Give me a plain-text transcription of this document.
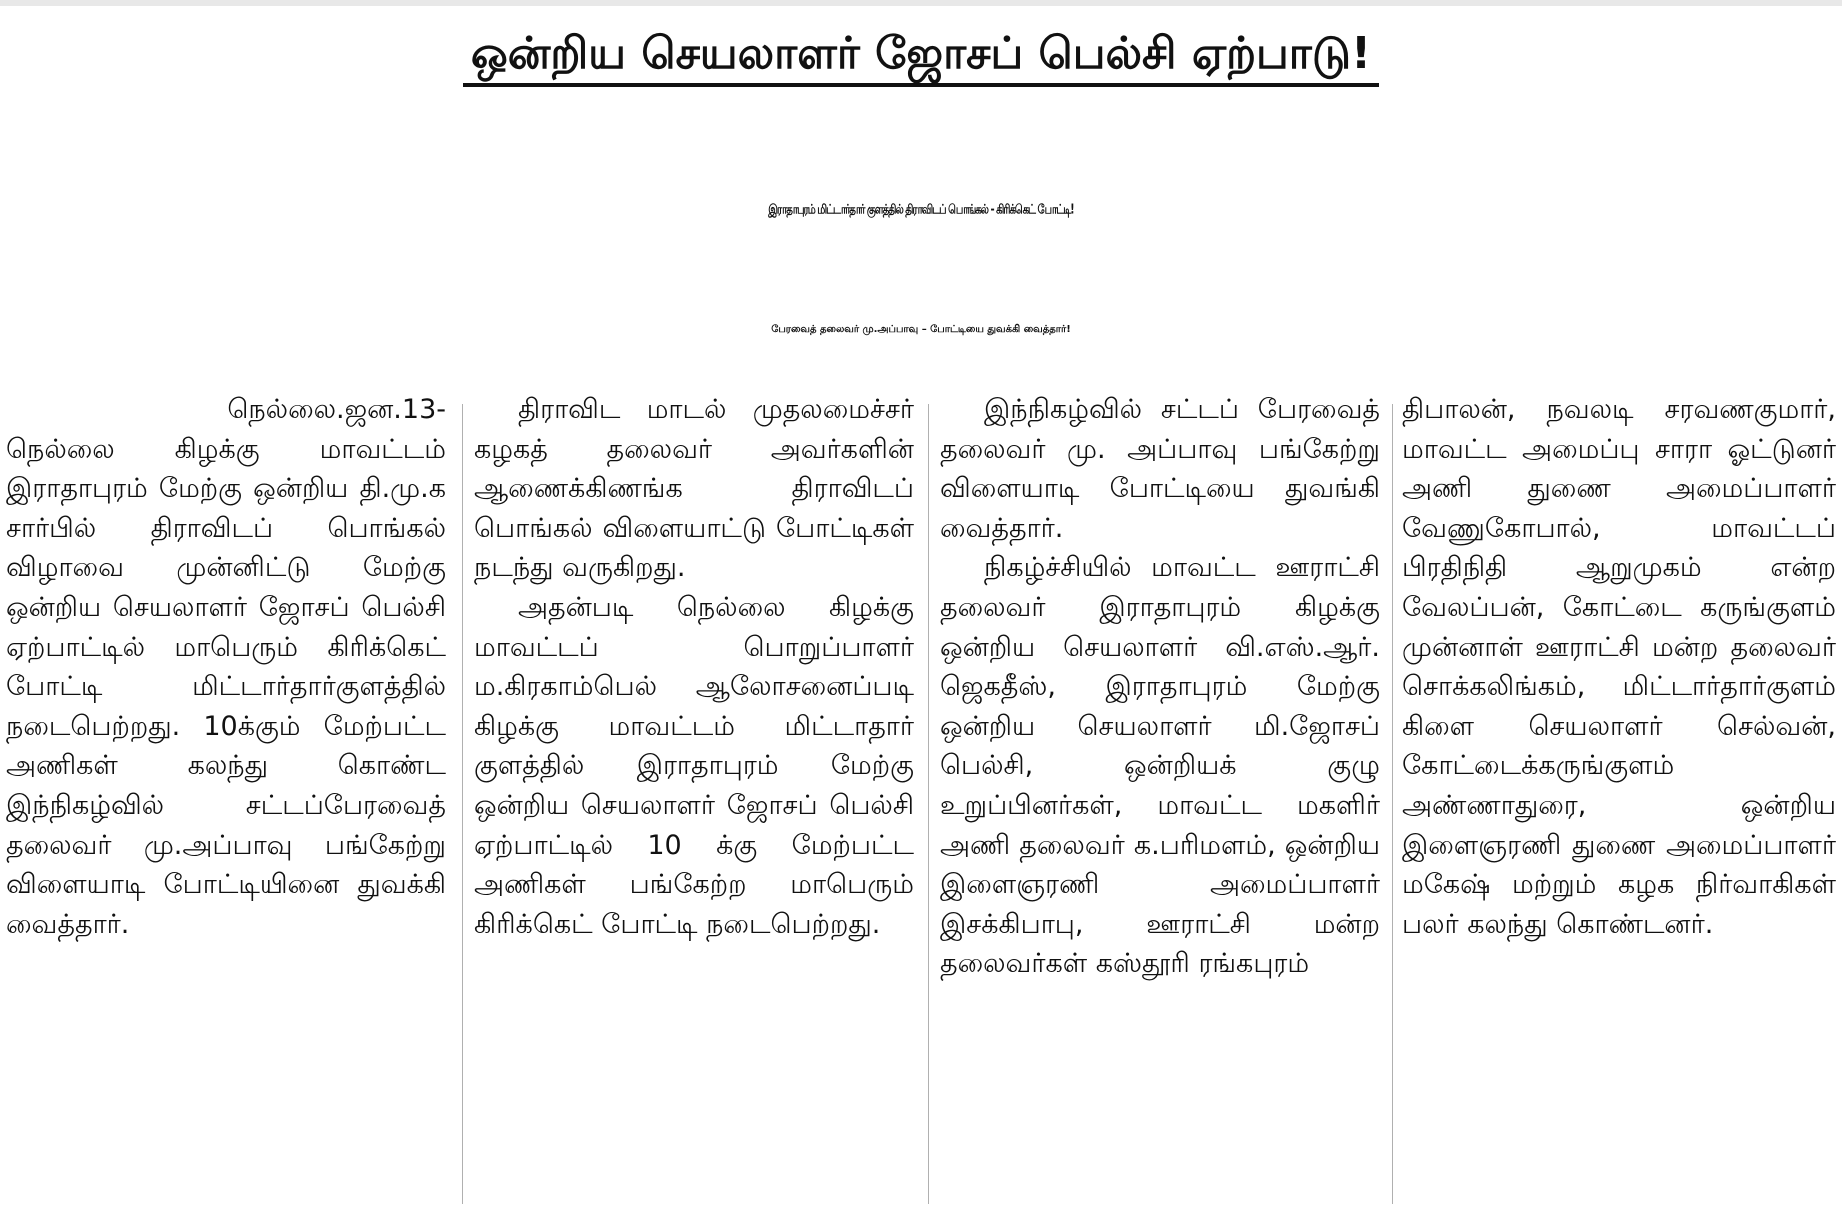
ஒன்றிய செயலாளர் ஜோசப் பெல்சி ஏற்பாடு!
இராதாபுரம் மிட்டார்தார் குளத்தில் திராவிடப் பொங்கல் - கிரிக்கெட் போட்டி!
பேரவைத் தலைவர் மு.அப்பாவு – போட்டியை துவக்கி வைத்தார்!

நெல்லை.ஜன.13-

நெல்லை கிழக்கு மாவட்டம் இராதாபுரம் மேற்கு ஒன்றிய தி.மு.க சார்பில் திராவிடப் பொங்கல் விழாவை முன்னிட்டு மேற்கு ஒன்றிய செயலாளர் ஜோசப் பெல்சி ஏற்பாட்டில் மாபெரும் கிரிக்கெட் போட்டி மிட்டார்தார்குளத்தில் நடைபெற்றது. 10க்கும் மேற்பட்ட அணிகள் கலந்து கொண்ட இந்நிகழ்வில் சட்டப்பேரவைத் தலைவர் மு.அப்பாவு பங்கேற்று விளையாடி போட்டியினை துவக்கி வைத்தார்.

திராவிட மாடல் முதலமைச்சர் கழகத் தலைவர் அவர்களின் ஆணைக்கிணங்க திராவிடப் பொங்கல் விளையாட்டு போட்டிகள் நடந்து வருகிறது.

அதன்படி நெல்லை கிழக்கு மாவட்டப் பொறுப்பாளர் ம.கிரகாம்பெல் ஆலோசனைப்படி கிழக்கு மாவட்டம் மிட்டாதார் குளத்தில் இராதாபுரம் மேற்கு ஒன்றிய செயலாளர் ஜோசப் பெல்சி ஏற்பாட்டில் 10 க்கு மேற்பட்ட அணிகள் பங்கேற்ற மாபெரும் கிரிக்கெட் போட்டி நடைபெற்றது.

இந்நிகழ்வில் சட்டப் பேரவைத் தலைவர் மு. அப்பாவு பங்கேற்று விளையாடி போட்டியை துவங்கி வைத்தார்.

நிகழ்ச்சியில் மாவட்ட ஊராட்சி தலைவர் இராதாபுரம் கிழக்கு ஒன்றிய செயலாளர் வி.எஸ்.ஆர். ஜெகதீஸ், இராதாபுரம் மேற்கு ஒன்றிய செயலாளர் மி.ஜோசப் பெல்சி, ஒன்றியக் குழு உறுப்பினர்கள், மாவட்ட மகளிர் அணி தலைவர் க.பரிமளம், ஒன்றிய இளைஞரணி அமைப்பாளர் இசக்கிபாபு, ஊராட்சி மன்ற தலைவர்கள் கஸ்தூரி ரங்கபுரம்

திபாலன், நவலடி சரவணகுமார், மாவட்ட அமைப்பு சாரா ஓட்டுனர் அணி துணை அமைப்பாளர் வேணுகோபால், மாவட்டப் பிரதிநிதி ஆறுமுகம் என்ற வேலப்பன், கோட்டை கருங்குளம் முன்னாள் ஊராட்சி மன்ற தலைவர் சொக்கலிங்கம், மிட்டார்தார்குளம் கிளை செயலாளர் செல்வன், கோட்டைக்கருங்குளம் அண்ணாதுரை, ஒன்றிய இளைஞரணி துணை அமைப்பாளர் மகேஷ் மற்றும் கழக நிர்வாகிகள் பலர் கலந்து கொண்டனர்.
